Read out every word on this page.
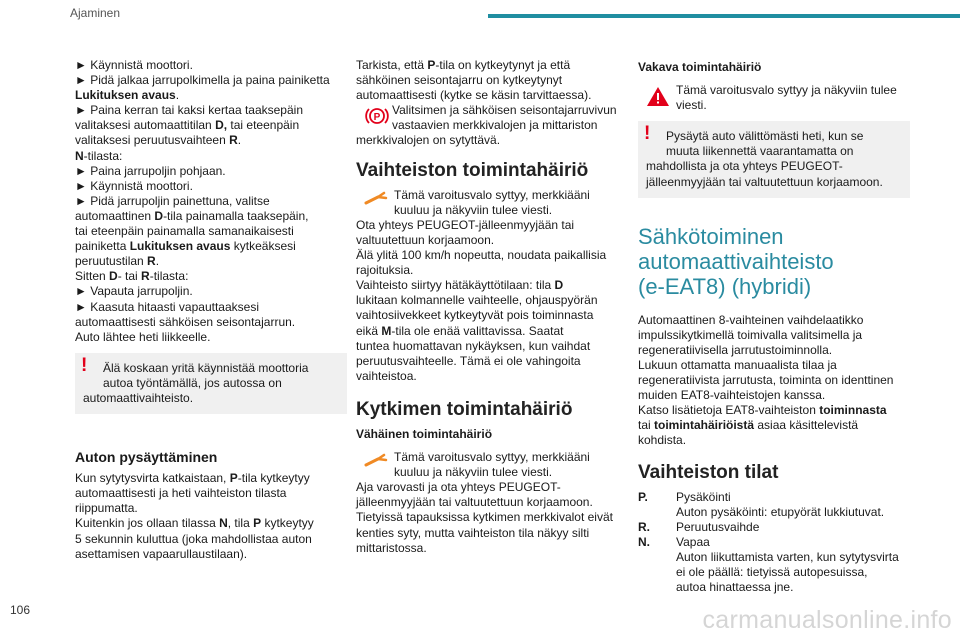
Ajaminen
► Käynnistä moottori.
► Pidä jalkaa jarrupolkimella ja paina painiketta
Lukituksen avaus.
► Paina kerran tai kaksi kertaa taaksepäin
valitaksesi automaattitilan D, tai eteenpäin
valitaksesi peruutusvaihteen R.
N-tilasta:
► Paina jarrupoljin pohjaan.
► Käynnistä moottori.
► Pidä jarrupoljin painettuna, valitse
automaattinen D-tila painamalla taaksepäin,
tai eteenpäin painamalla samanaikaisesti
painiketta Lukituksen avaus kytkeäksesi
peruutustilan R.
Sitten D- tai R-tilasta:
► Vapauta jarrupoljin.
► Kaasuta hitaasti vapauttaaksesi
automaattisesti sähköisen seisontajarrun.
Auto lähtee heti liikkeelle.
!	Älä koskaan yritä käynnistää moottoria
autoa työntämällä, jos autossa on
automaattivaihteisto.
Auton pysäyttäminen
Kun sytytysvirta katkaistaan, P-tila kytkeytyy
automaattisesti ja heti vaihteiston tilasta
riippumatta.
Kuitenkin jos ollaan tilassa N, tila P kytkeytyy
5 sekunnin kuluttua (joka mahdollistaa auton
asettamisen vapaarullaustilaan).
Tarkista, että P-tila on kytkeytynyt ja että
sähköinen seisontajarru on kytkeytynyt
automaattisesti (kytke se käsin tarvittaessa).
P
Valitsimen ja sähköisen seisontajarruvivun
vastaavien merkkivalojen ja mittariston
merkkivalojen on sytyttävä.
Vaihteiston toimintahäiriö
Tämä varoitusvalo syttyy, merkkiääni
kuuluu ja näkyviin tulee viesti.
Ota yhteys PEUGEOT-jälleenmyyjään tai
valtuutettuun korjaamoon.
Älä ylitä 100 km/h nopeutta, noudata paikallisia
rajoituksia.
Vaihteisto siirtyy hätäkäyttötilaan: tila D
lukitaan kolmannelle vaihteelle, ohjauspyörän
vaihtosiivekkeet kytkeytyvät pois toiminnasta
eikä M-tila ole enää valittavissa. Saatat
tuntea huomattavan nykäyksen, kun vaihdat
peruutusvaihteelle. Tämä ei ole vahingoita
vaihteistoa.
Kytkimen toimintahäiriö
Vähäinen toimintahäiriö
Tämä varoitusvalo syttyy, merkkiääni
kuuluu ja näkyviin tulee viesti.
Aja varovasti ja ota yhteys PEUGEOT-
jälleenmyyjään tai valtuutettuun korjaamoon.
Tietyissä tapauksissa kytkimen merkkivalot eivät
kenties syty, mutta vaihteiston tila näkyy silti
mittaristossa.
Vakava toimintahäiriö
Tämä varoitusvalo syttyy ja näkyviin tulee
viesti.
!	Pysäytä auto välittömästi heti, kun se
muuta liikennettä vaarantamatta on
mahdollista ja ota yhteys PEUGEOT-
jälleenmyyjään tai valtuutettuun korjaamoon.
Sähkötoiminen
automaattivaihteisto
(e-EAT8) (hybridi)
Automaattinen 8-vaihteinen vaihdelaatikko
impulssikytkimellä toimivalla valitsimella ja
regeneratiivisella jarrutustoiminnolla.
Lukuun ottamatta manuaalista tilaa ja
regeneratiivista jarrutusta, toiminta on identtinen
muiden EAT8-vaihteistojen kanssa.
Katso lisätietoja EAT8-vaihteiston toiminnasta
tai toimintahäiriöistä asiaa käsittelevistä
kohdista.
Vaihteiston tilat
P.	Pysäköinti
Auton pysäköinti: etupyörät lukkiutuvat.
R.	Peruutusvaihde
N.	Vapaa
Auton liikuttamista varten, kun sytytysvirta
ei ole päällä: tietyissä autopesuissa,
autoa hinattaessa jne.
106	carmanualsonline.info
